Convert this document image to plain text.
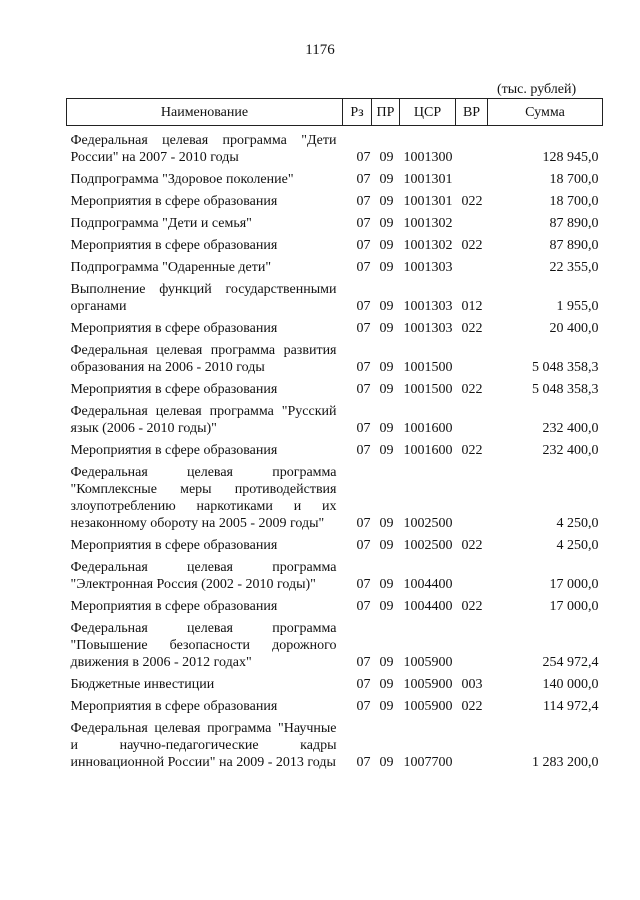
1176
(тыс. рублей)
Наименование	Рз	ПР	ЦСР	ВР	Сумма
Федеральная целевая программа "Дети России" на 2007 - 2010 годы	07	09	1001300		128 945,0
Подпрограмма "Здоровое поколение"	07	09	1001301		18 700,0
Мероприятия в сфере образования	07	09	1001301	022	18 700,0
Подпрограмма "Дети и семья"	07	09	1001302		87 890,0
Мероприятия в сфере образования	07	09	1001302	022	87 890,0
Подпрограмма "Одаренные дети"	07	09	1001303		22 355,0
Выполнение функций государственными органами	07	09	1001303	012	1 955,0
Мероприятия в сфере образования	07	09	1001303	022	20 400,0
Федеральная целевая программа развития образования на 2006 - 2010 годы	07	09	1001500		5 048 358,3
Мероприятия в сфере образования	07	09	1001500	022	5 048 358,3
Федеральная целевая программа "Русский язык (2006 - 2010 годы)"	07	09	1001600		232 400,0
Мероприятия в сфере образования	07	09	1001600	022	232 400,0
Федеральная целевая программа "Комплексные меры противодействия злоупотреблению наркотиками и их незаконному обороту на 2005 - 2009 годы"	07	09	1002500		4 250,0
Мероприятия в сфере образования	07	09	1002500	022	4 250,0
Федеральная целевая программа "Электронная Россия (2002 - 2010 годы)"	07	09	1004400		17 000,0
Мероприятия в сфере образования	07	09	1004400	022	17 000,0
Федеральная целевая программа "Повышение безопасности дорожного движения в 2006 - 2012 годах"	07	09	1005900		254 972,4
Бюджетные инвестиции	07	09	1005900	003	140 000,0
Мероприятия в сфере образования	07	09	1005900	022	114 972,4
Федеральная целевая программа "Научные и научно-педагогические кадры инновационной России" на 2009 - 2013 годы	07	09	1007700		1 283 200,0
